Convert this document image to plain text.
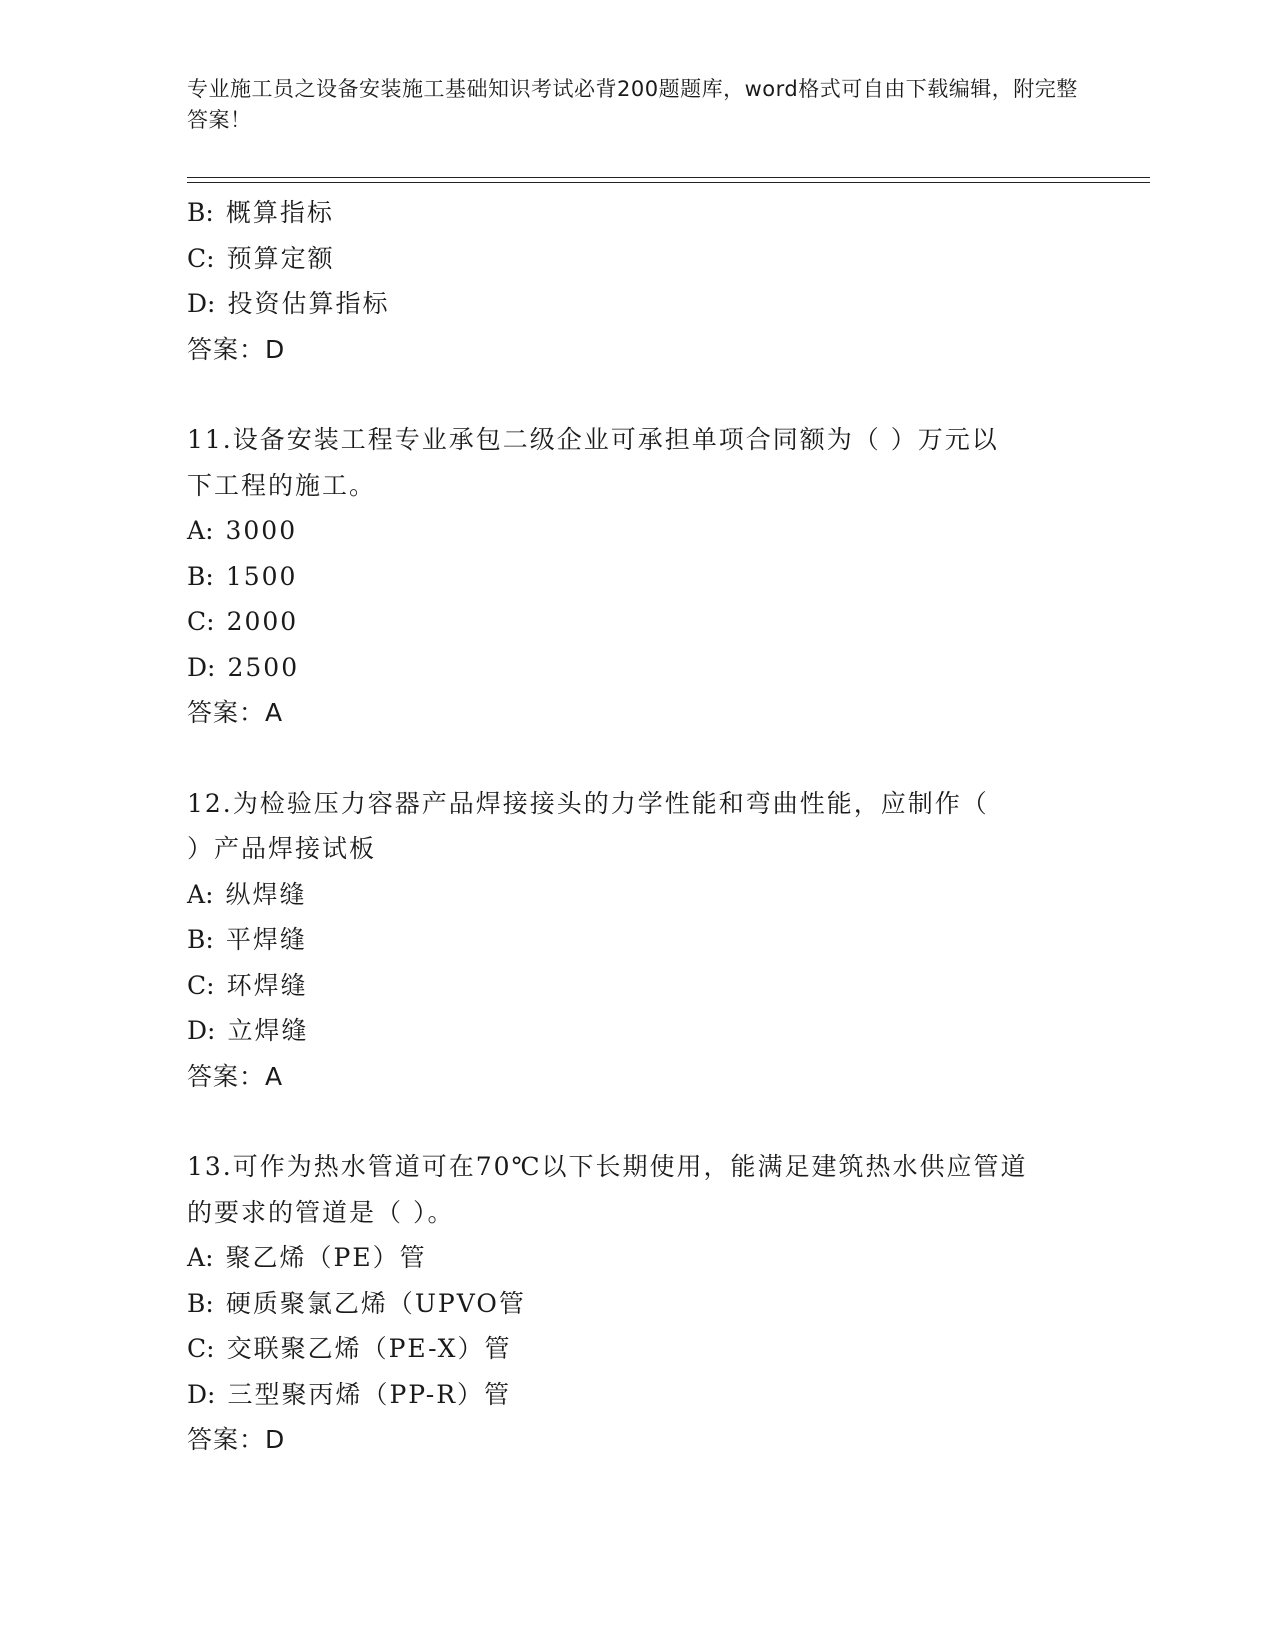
专业施工员之设备安装施工基础知识考试必背200题题库，word格式可自由下载编辑，附完整答案！
B: 概算指标
C: 预算定额
D: 投资估算指标
答案：D
11.设备安装工程专业承包二级企业可承担单项合同额为（ ）万元以
下工程的施工。
A: 3000
B: 1500
C: 2000
D: 2500
答案：A
12.为检验压力容器产品焊接接头的力学性能和弯曲性能，应制作（
）产品焊接试板
A: 纵焊缝
B: 平焊缝
C: 环焊缝
D: 立焊缝
答案：A
13.可作为热水管道可在70℃以下长期使用，能满足建筑热水供应管道
的要求的管道是（ ）。
A: 聚乙烯（PE）管
B: 硬质聚氯乙烯（UPVO管
C: 交联聚乙烯（PE-X）管
D: 三型聚丙烯（PP-R）管
答案：D
